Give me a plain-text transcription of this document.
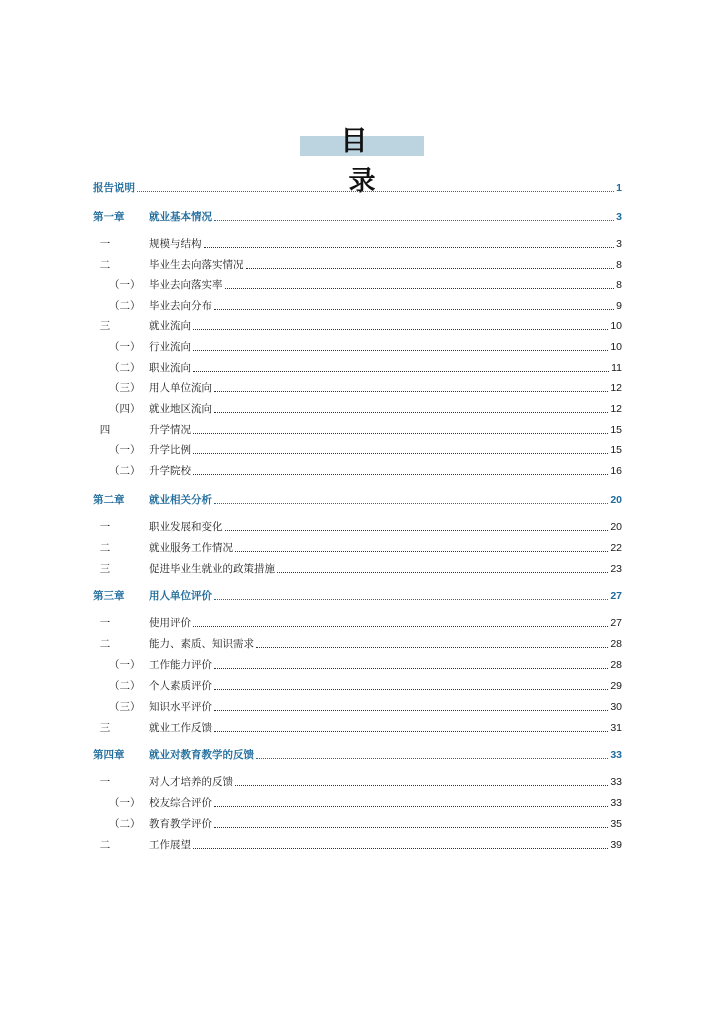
目 录
报告说明	1
第一章	就业基本情况	3
一	规模与结构	3
二	毕业生去向落实情况	8
（一） 毕业去向落实率	8
（二） 毕业去向分布	9
三	就业流向	10
（一） 行业流向	10
（二） 职业流向	11
（三） 用人单位流向	12
（四） 就业地区流向	12
四	升学情况	15
（一） 升学比例	15
（二） 升学院校	16
第二章	就业相关分析	20
一	职业发展和变化	20
二	就业服务工作情况	22
三	促进毕业生就业的政策措施	23
第三章	用人单位评价	27
一	使用评价	27
二	能力、素质、知识需求	28
（一） 工作能力评价	28
（二） 个人素质评价	29
（三） 知识水平评价	30
三	就业工作反馈	31
第四章	就业对教育教学的反馈	33
一	对人才培养的反馈	33
（一） 校友综合评价	33
（二） 教育教学评价	35
二	工作展望	39
